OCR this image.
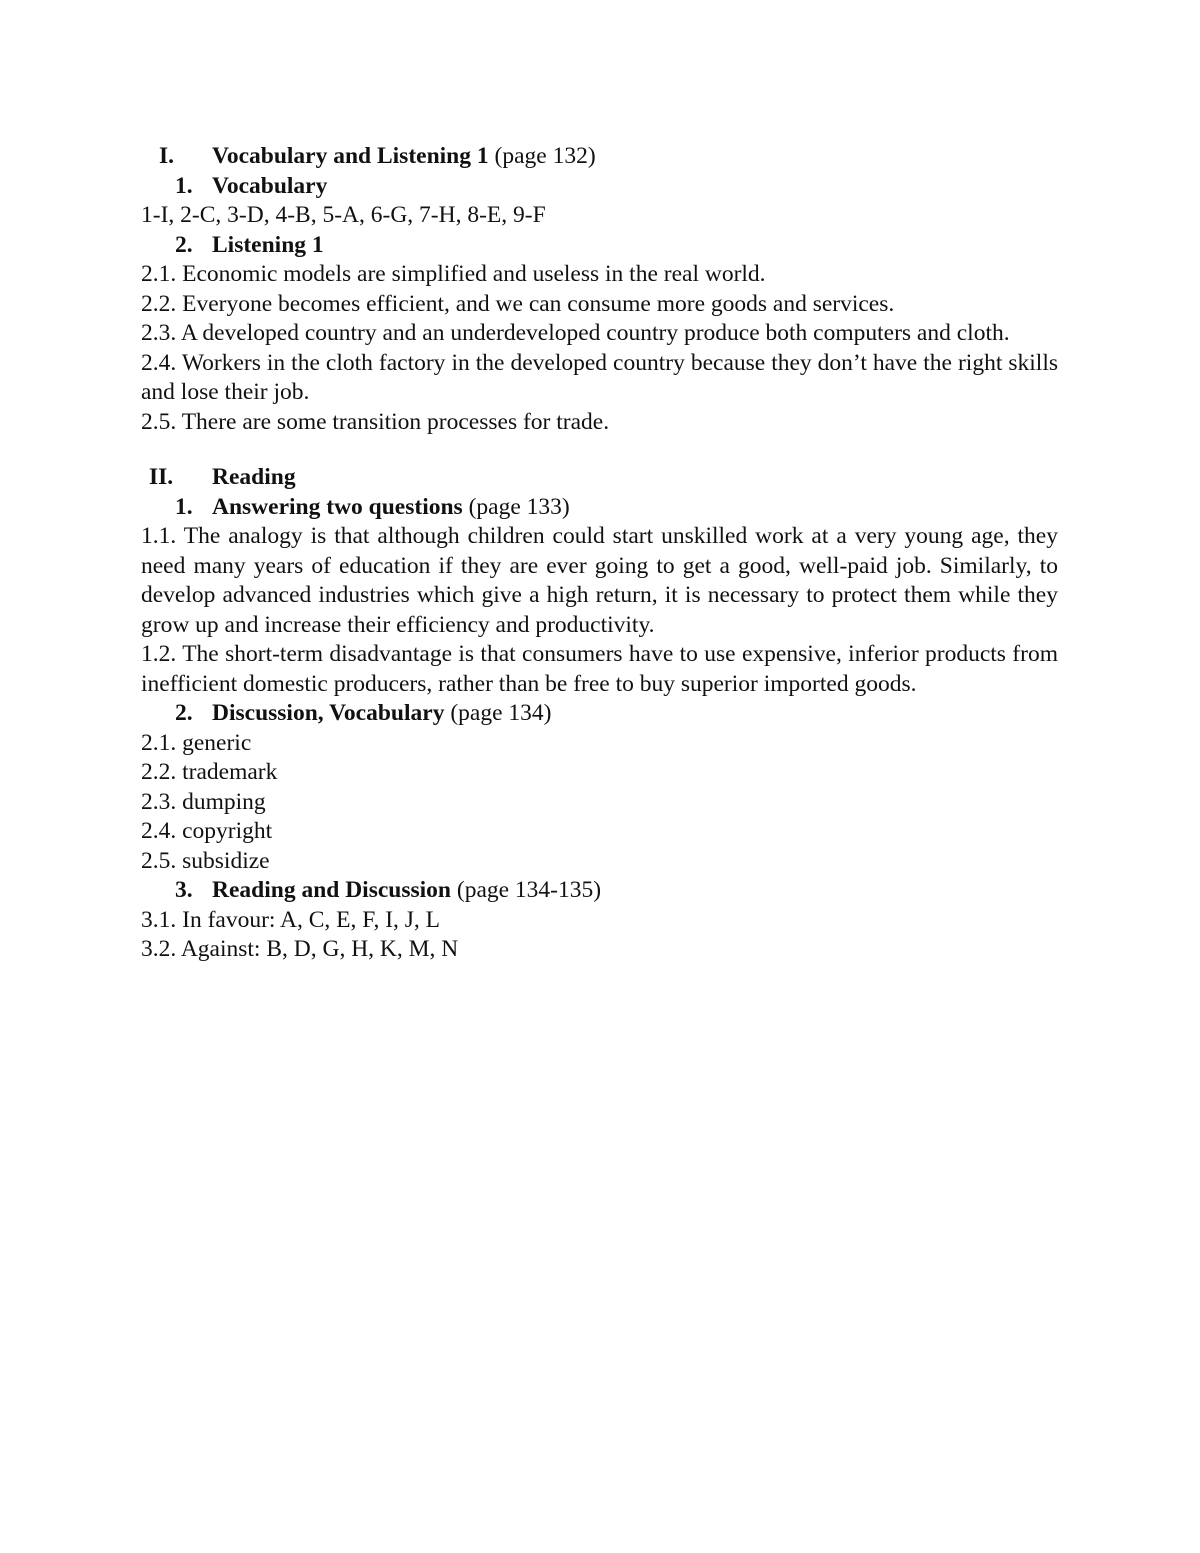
I.	Vocabulary and Listening 1 (page 132)
1. Vocabulary
1-I, 2-C, 3-D, 4-B, 5-A, 6-G, 7-H, 8-E, 9-F
2. Listening 1
2.1. Economic models are simplified and useless in the real world.
2.2. Everyone becomes efficient, and we can consume more goods and services.
2.3. A developed country and an underdeveloped country produce both computers and cloth.
2.4. Workers in the cloth factory in the developed country because they don’t have the right skills and lose their job.
2.5. There are some transition processes for trade.
II.	Reading
1. Answering two questions (page 133)
1.1. The analogy is that although children could start unskilled work at a very young age, they need many years of education if they are ever going to get a good, well-paid job. Similarly, to develop advanced industries which give a high return, it is necessary to protect them while they grow up and increase their efficiency and productivity.
1.2. The short-term disadvantage is that consumers have to use expensive, inferior products from inefficient domestic producers, rather than be free to buy superior imported goods.
2. Discussion, Vocabulary (page 134)
2.1. generic
2.2. trademark
2.3. dumping
2.4. copyright
2.5. subsidize
3. Reading and Discussion (page 134-135)
3.1. In favour: A, C, E, F, I, J, L
3.2. Against: B, D, G, H, K, M, N
